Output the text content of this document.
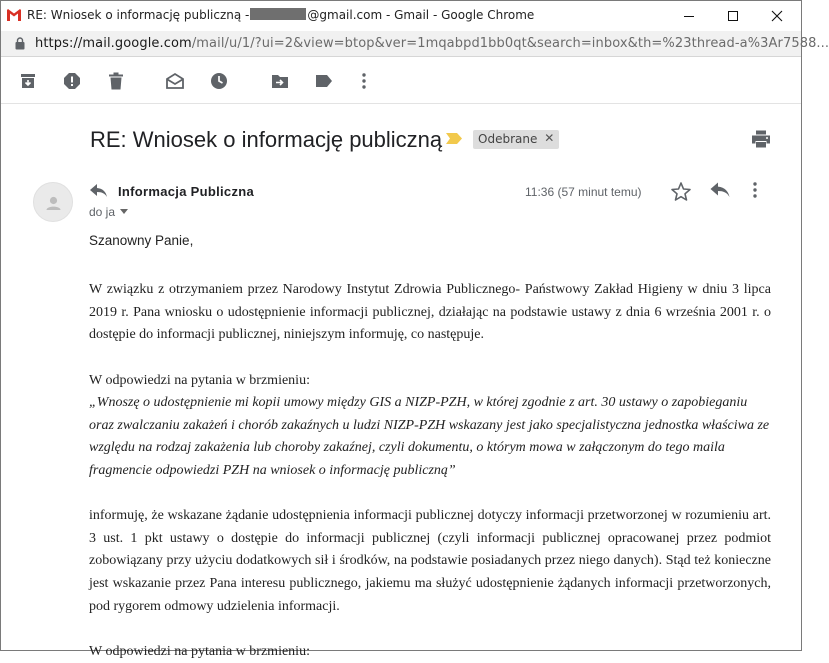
RE: Wniosek o informację publiczną -	@gmail.com - Gmail - Google Chrome
https://mail.google.com/mail/u/1/?ui=2&view=btop&ver=1mqabpd1bb0qt&search=inbox&th=%23thread-a%3Ar7588...
RE: Wniosek o informację publiczną	Odebrane ✕
Informacja Publiczna
do ja
11:36 (57 minut temu)

Szanowny Panie,

W związku z otrzymaniem przez Narodowy Instytut Zdrowia Publicznego- Państwowy Zakład Higieny w dniu 3 lipca 2019 r. Pana wniosku o udostępnienie informacji publicznej, działając na podstawie ustawy z dnia 6 września 2001 r. o dostępie do informacji publicznej, niniejszym informuję, co następuje.

W odpowiedzi na pytania w brzmieniu:

„Wnoszę o udostępnienie mi kopii umowy między GIS a NIZP-PZH, w której zgodnie z art. 30 ustawy o zapobieganiu oraz zwalczaniu zakażeń i chorób zakaźnych u ludzi NIZP-PZH wskazany jest jako specjalistyczna jednostka właściwa ze względu na rodzaj zakażenia lub choroby zakaźnej, czyli dokumentu, o którym mowa w załączonym do tego maila fragmencie odpowiedzi PZH na wniosek o informację publiczną”

informuję, że wskazane żądanie udostępnienia informacji publicznej dotyczy informacji przetworzonej w rozumieniu art. 3 ust. 1 pkt ustawy o dostępie do informacji publicznej (czyli informacji publicznej opracowanej przez podmiot zobowiązany przy użyciu dodatkowych sił i środków, na podstawie posiadanych przez niego danych). Stąd też konieczne jest wskazanie przez Pana interesu publicznego, jakiemu ma służyć udostępnienie żądanych informacji przetworzonych, pod rygorem odmowy udzielenia informacji.

W odpowiedzi na pytania w brzmieniu:
